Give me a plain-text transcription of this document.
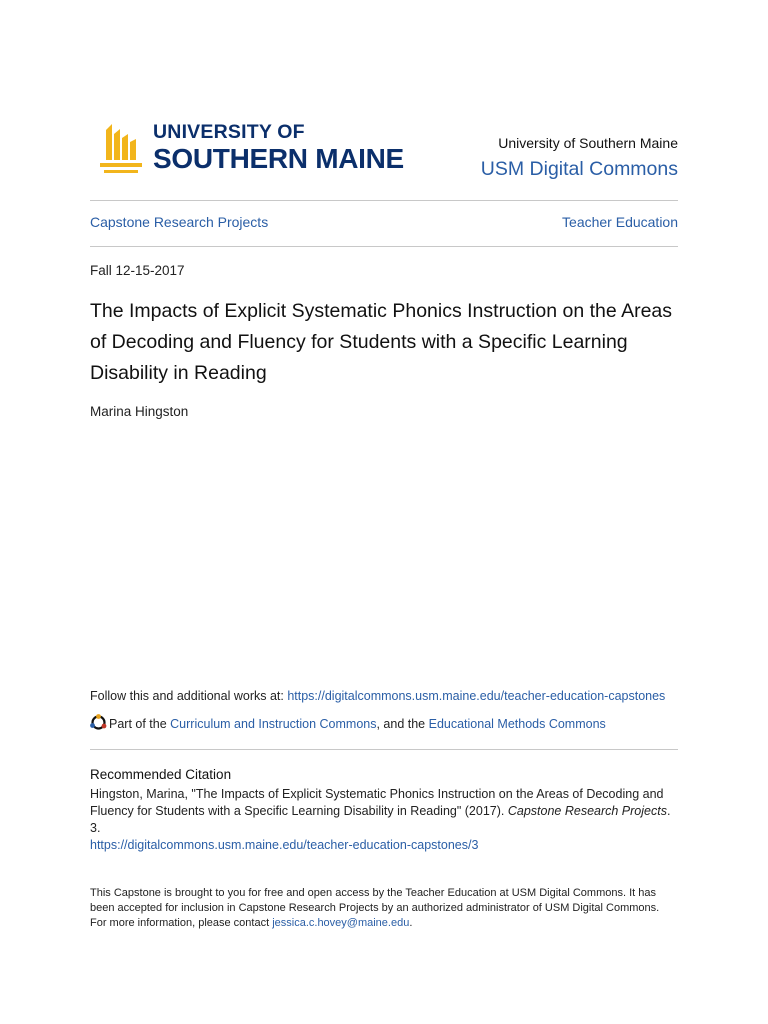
UNIVERSITY OF
SOUTHERN MAINE	University of Southern Maine
USM Digital Commons
Capstone Research Projects	Teacher Education
Fall 12-15-2017
The Impacts of Explicit Systematic Phonics Instruction on the Areas of Decoding and Fluency for Students with a Specific Learning Disability in Reading
Marina Hingston
Follow this and additional works at: https://digitalcommons.usm.maine.edu/teacher-education-capstones
Part of the Curriculum and Instruction Commons, and the Educational Methods Commons
Recommended Citation
Hingston, Marina, "The Impacts of Explicit Systematic Phonics Instruction on the Areas of Decoding and Fluency for Students with a Specific Learning Disability in Reading" (2017). Capstone Research Projects.
3.
https://digitalcommons.usm.maine.edu/teacher-education-capstones/3
This Capstone is brought to you for free and open access by the Teacher Education at USM Digital Commons. It has been accepted for inclusion in Capstone Research Projects by an authorized administrator of USM Digital Commons. For more information, please contact jessica.c.hovey@maine.edu.
